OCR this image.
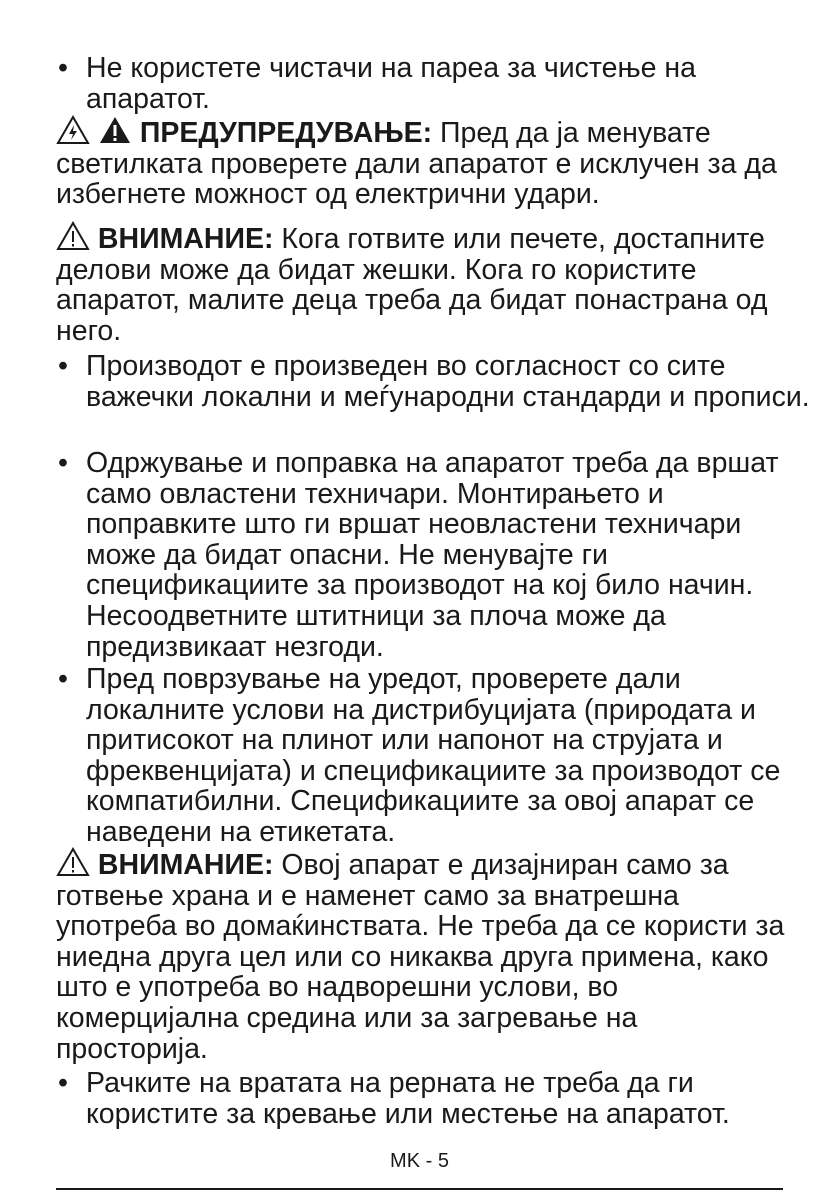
• Не користете чистачи на пареа за чистење на апаратот.
ПРЕДУПРЕДУВАЊЕ: Пред да ја менувате светилката проверете дали апаратот е исклучен за да избегнете можност од електрични удари.
ВНИМАНИЕ: Кога готвите или печете, достапните делови може да бидат жешки. Кога го користите апаратот, малите деца треба да бидат понастрана од него.
• Производот е произведен во согласност со сите важечки локални и меѓународни стандарди и прописи.
• Одржување и поправка на апаратот треба да вршат само овластени техничари. Монтирањето и поправките што ги вршат неовластени техничари може да бидат опасни. Не менувајте ги спецификациите за производот на кој било начин. Несоодветните штитници за плоча може да предизвикаат незгоди.
• Пред поврзување на уредот, проверете дали локалните услови на дистрибуцијата (природата и притисокот на плинот или напонот на струјата и фреквенцијата) и спецификациите за производот се компатибилни. Спецификациите за овој апарат се наведени на етикетата.
ВНИМАНИЕ: Овој апарат е дизајниран само за готвење храна и е наменет само за внатрешна употреба во домаќинствата. Не треба да се користи за ниедна друга цел или со никаква друга примена, како што е употреба во надворешни услови, во комерцијална средина или за загревање на просторија.
• Рачките на вратата на рерната не треба да ги користите за кревање или местење на апаратот.
MK - 5
